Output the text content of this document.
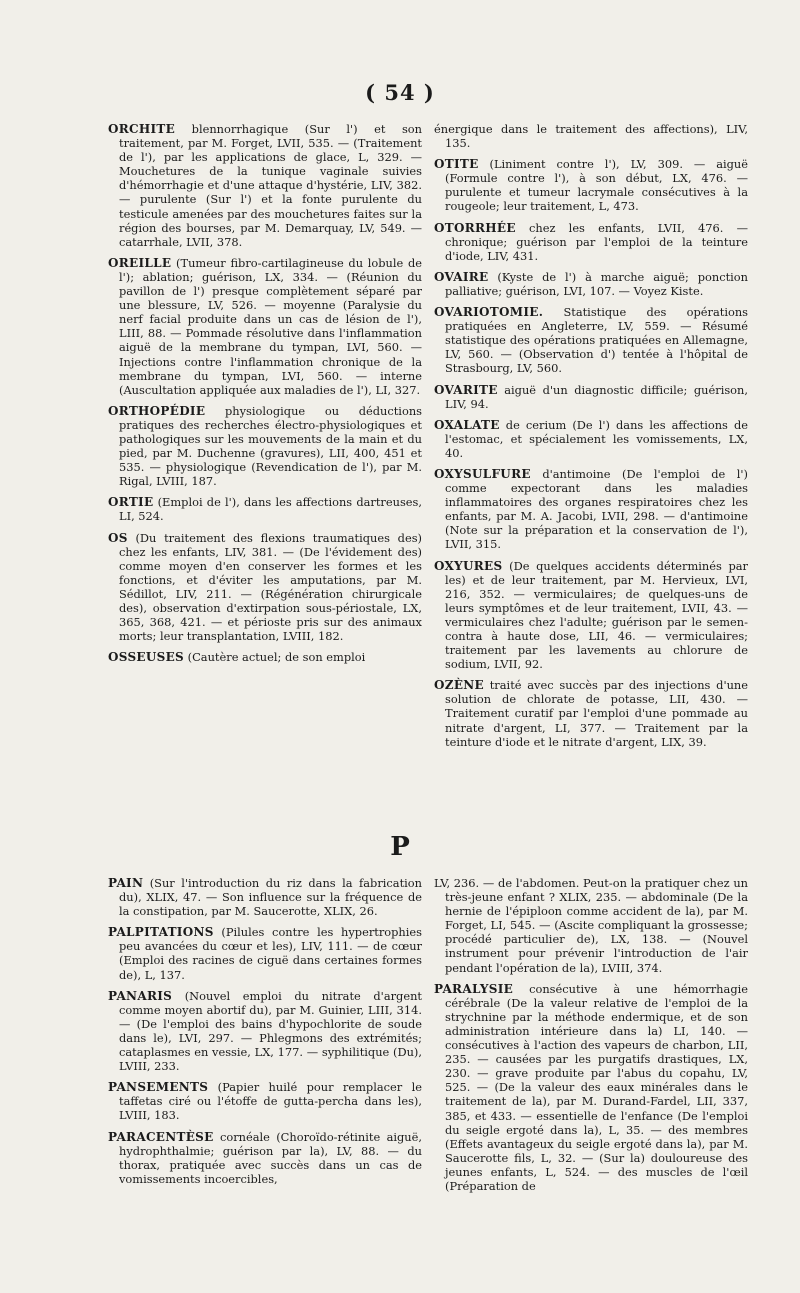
( 54 )

ORCHITE blennorrhagique (Sur l') et son traitement, par M. Forget, LVII, 535. — (Traitement de l'), par les applications de glace, L, 329. — Mouchetures de la tunique vaginale suivies d'hémorrhagie et d'une attaque d'hystérie, LIV, 382. — purulente (Sur l') et la fonte purulente du testicule amenées par des mouchetures faites sur la région des bourses, par M. Demarquay, LV, 549. — catarrhale, LVII, 378.

OREILLE (Tumeur fibro-cartilagineuse du lobule de l'); ablation; guérison, LX, 334. — (Réunion du pavillon de l') presque complètement séparé par une blessure, LV, 526. — moyenne (Paralysie du nerf facial produite dans un cas de lésion de l'), LIII, 88. — Pommade résolutive dans l'inflammation aiguë de la membrane du tympan, LVI, 560. — Injections contre l'inflammation chronique de la membrane du tympan, LVI, 560. — interne (Auscultation appliquée aux maladies de l'), LI, 327.

ORTHOPÉDIE physiologique ou déductions pratiques des recherches électro-physiologiques et pathologiques sur les mouvements de la main et du pied, par M. Duchenne (gravures), LII, 400, 451 et 535. — physiologique (Revendication de l'), par M. Rigal, LVIII, 187.

ORTIE (Emploi de l'), dans les affections dartreuses, LI, 524.

OS (Du traitement des flexions traumatiques des) chez les enfants, LIV, 381. — (De l'évidement des) comme moyen d'en conserver les formes et les fonctions, et d'éviter les amputations, par M. Sédillot, LIV, 211. — (Régénération chirurgicale des), observation d'extirpation sous-périostale, LX, 365, 368, 421. — et périoste pris sur des animaux morts; leur transplantation, LVIII, 182.

OSSEUSES (Cautère actuel; de son emploi

énergique dans le traitement des affections), LIV, 135.

OTITE (Liniment contre l'), LV, 309. — aiguë (Formule contre l'), à son début, LX, 476. — purulente et tumeur lacrymale consécutives à la rougeole; leur traitement, L, 473.

OTORRHÉE chez les enfants, LVII, 476. — chronique; guérison par l'emploi de la teinture d'iode, LIV, 431.

OVAIRE (Kyste de l') à marche aiguë; ponction palliative; guérison, LVI, 107. — Voyez Kiste.

OVARIOTOMIE. Statistique des opérations pratiquées en Angleterre, LV, 559. — Résumé statistique des opérations pratiquées en Allemagne, LV, 560. — (Observation d') tentée à l'hôpital de Strasbourg, LV, 560.

OVARITE aiguë d'un diagnostic difficile; guérison, LIV, 94.

OXALATE de cerium (De l') dans les affections de l'estomac, et spécialement les vomissements, LX, 40.

OXYSULFURE d'antimoine (De l'emploi de l') comme expectorant dans les maladies inflammatoires des organes respiratoires chez les enfants, par M. A. Jacobi, LVII, 298. — d'antimoine (Note sur la préparation et la conservation de l'), LVII, 315.

OXYURES (De quelques accidents déterminés par les) et de leur traitement, par M. Hervieux, LVI, 216, 352. — vermiculaires; de quelques-uns de leurs symptômes et de leur traitement, LVII, 43. — vermiculaires chez l'adulte; guérison par le semen-contra à haute dose, LII, 46. — vermiculaires; traitement par les lavements au chlorure de sodium, LVII, 92.

OZÈNE traité avec succès par des injections d'une solution de chlorate de potasse, LII, 430. — Traitement curatif par l'emploi d'une pommade au nitrate d'argent, LI, 377. — Traitement par la teinture d'iode et le nitrate d'argent, LIX, 39.

P

PAIN (Sur l'introduction du riz dans la fabrication du), XLIX, 47. — Son influence sur la fréquence de la constipation, par M. Saucerotte, XLIX, 26.

PALPITATIONS (Pilules contre les hypertrophies peu avancées du cœur et les), LIV, 111. — de cœur (Emploi des racines de ciguë dans certaines formes de), L, 137.

PANARIS (Nouvel emploi du nitrate d'argent comme moyen abortif du), par M. Guinier, LIII, 314. — (De l'emploi des bains d'hypochlorite de soude dans le), LVI, 297. — Phlegmons des extrémités; cataplasmes en vessie, LX, 177. — syphilitique (Du), LVIII, 233.

PANSEMENTS (Papier huilé pour remplacer le taffetas ciré ou l'étoffe de gutta-percha dans les), LVIII, 183.

PARACENTÈSE cornéale (Choroïdo-rétinite aiguë, hydrophthalmie; guérison par la), LV, 88. — du thorax, pratiquée avec succès dans un cas de vomissements incoercibles,

LV, 236. — de l'abdomen. Peut-on la pratiquer chez un très-jeune enfant ? XLIX, 235. — abdominale (De la hernie de l'épiploon comme accident de la), par M. Forget, LI, 545. — (Ascite compliquant la grossesse; procédé particulier de), LX, 138. — (Nouvel instrument pour prévenir l'introduction de l'air pendant l'opération de la), LVIII, 374.

PARALYSIE consécutive à une hémorrhagie cérébrale (De la valeur relative de l'emploi de la strychnine par la méthode endermique, et de son administration intérieure dans la) LI, 140. — consécutives à l'action des vapeurs de charbon, LII, 235. — causées par les purgatifs drastiques, LX, 230. — grave produite par l'abus du copahu, LV, 525. — (De la valeur des eaux minérales dans le traitement de la), par M. Durand-Fardel, LII, 337, 385, et 433. — essentielle de l'enfance (De l'emploi du seigle ergoté dans la), L, 35. — des membres (Effets avantageux du seigle ergoté dans la), par M. Saucerotte fils, L, 32. — (Sur la) douloureuse des jeunes enfants, L, 524. — des muscles de l'œil (Préparation de
